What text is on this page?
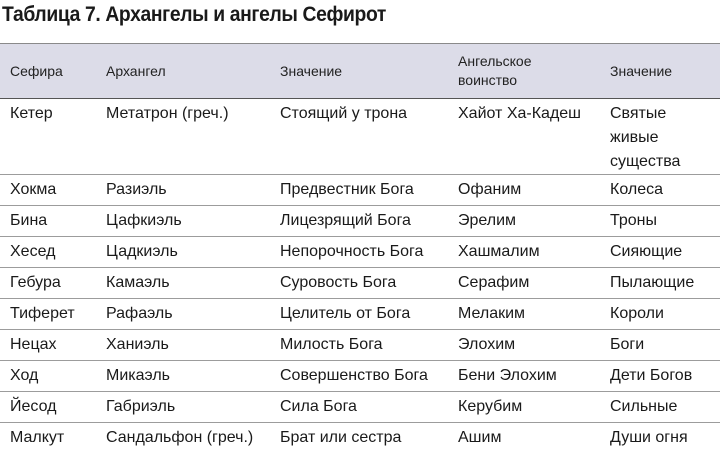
Таблица 7. Архангелы и ангелы Сефирот
Сефира	Архангел	Значение	Ангельское воинство	Значение
Кетер	Метатрон (греч.)	Стоящий у трона	Хайот Ха-Кадеш	Святые живые существа
Хокма	Разиэль	Предвестник Бога	Офаним	Колеса
Бина	Цафкиэль	Лицезрящий Бога	Эрелим	Троны
Хесед	Цадкиэль	Непорочность Бога	Хашмалим	Сияющие
Гебура	Камаэль	Суровость Бога	Серафим	Пылающие
Тиферет	Рафаэль	Целитель от Бога	Мелаким	Короли
Нецах	Ханиэль	Милость Бога	Элохим	Боги
Ход	Микаэль	Совершенство Бога	Бени Элохим	Дети Богов
Йесод	Габриэль	Сила Бога	Керубим	Сильные
Малкут	Сандальфон (греч.)	Брат или сестра	Ашим	Души огня
